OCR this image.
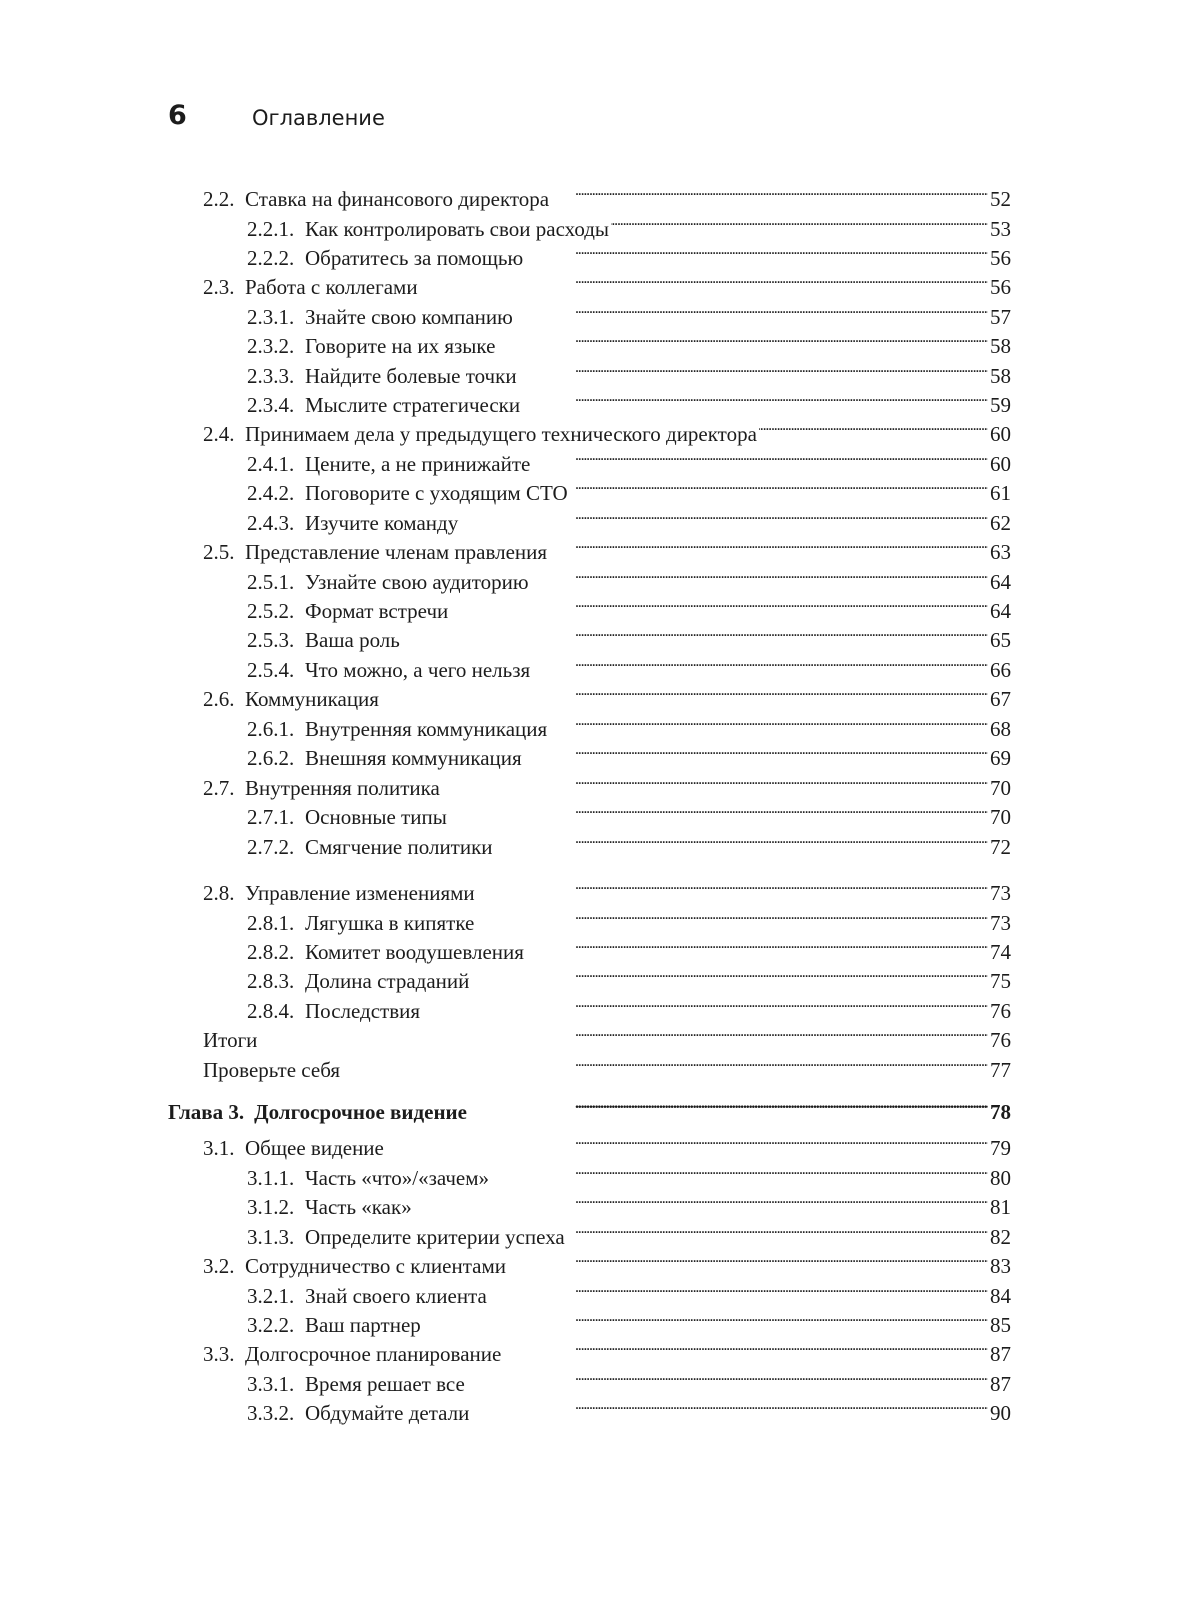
6	Оглавление
2.2. Ставка на финансового директора . . .	52
2.2.1. Как контролировать свои расходы . . .	53
2.2.2. Обратитесь за помощью . . .	56
2.3. Работа с коллегами . . .	56
2.3.1. Знайте свою компанию . . .	57
2.3.2. Говорите на их языке . . .	58
2.3.3. Найдите болевые точки . . .	58
2.3.4. Мыслите стратегически . . .	59
2.4. Принимаем дела у предыдущего технического директора . . .	60
2.4.1. Цените, а не принижайте . . .	60
2.4.2. Поговорите с уходящим СТО . . .	61
2.4.3. Изучите команду . . .	62
2.5. Представление членам правления . . .	63
2.5.1. Узнайте свою аудиторию . . .	64
2.5.2. Формат встречи . . .	64
2.5.3. Ваша роль . . .	65
2.5.4. Что можно, а чего нельзя . . .	66
2.6. Коммуникация . . .	67
2.6.1. Внутренняя коммуникация . . .	68
2.6.2. Внешняя коммуникация . . .	69
2.7. Внутренняя политика . . .	70
2.7.1. Основные типы . . .	70
2.7.2. Смягчение политики . . .	72
2.8. Управление изменениями . . .	73
2.8.1. Лягушка в кипятке . . .	73
2.8.2. Комитет воодушевления . . .	74
2.8.3. Долина страданий . . .	75
2.8.4. Последствия . . .	76
Итоги . . .	76
Проверьте себя . . .	77
Глава 3. Долгосрочное видение . . .	78
3.1. Общее видение . . .	79
3.1.1. Часть «что»/«зачем» . . .	80
3.1.2. Часть «как» . . .	81
3.1.3. Определите критерии успеха . . .	82
3.2. Сотрудничество с клиентами . . .	83
3.2.1. Знай своего клиента . . .	84
3.2.2. Ваш партнер . . .	85
3.3. Долгосрочное планирование . . .	87
3.3.1. Время решает все . . .	87
3.3.2. Обдумайте детали . . .	90
